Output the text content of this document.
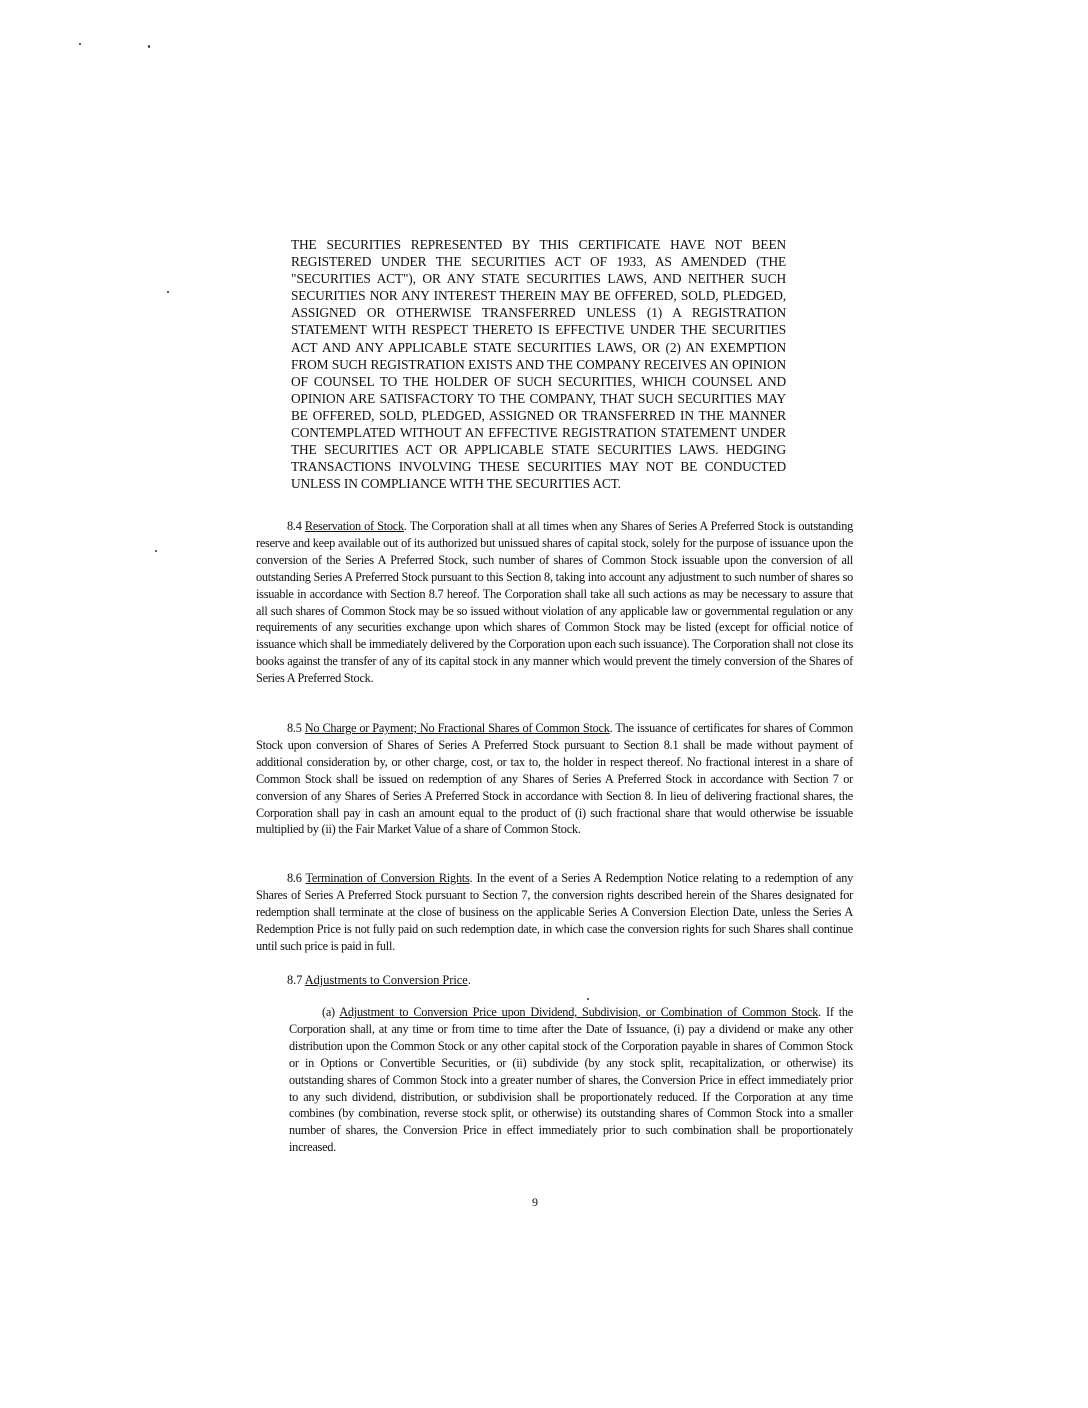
THE SECURITIES REPRESENTED BY THIS CERTIFICATE HAVE NOT BEEN REGISTERED UNDER THE SECURITIES ACT OF 1933, AS AMENDED (THE "SECURITIES ACT"), OR ANY STATE SECURITIES LAWS, AND NEITHER SUCH SECURITIES NOR ANY INTEREST THEREIN MAY BE OFFERED, SOLD, PLEDGED, ASSIGNED OR OTHERWISE TRANSFERRED UNLESS (1) A REGISTRATION STATEMENT WITH RESPECT THERETO IS EFFECTIVE UNDER THE SECURITIES ACT AND ANY APPLICABLE STATE SECURITIES LAWS, OR (2) AN EXEMPTION FROM SUCH REGISTRATION EXISTS AND THE COMPANY RECEIVES AN OPINION OF COUNSEL TO THE HOLDER OF SUCH SECURITIES, WHICH COUNSEL AND OPINION ARE SATISFACTORY TO THE COMPANY, THAT SUCH SECURITIES MAY BE OFFERED, SOLD, PLEDGED, ASSIGNED OR TRANSFERRED IN THE MANNER CONTEMPLATED WITHOUT AN EFFECTIVE REGISTRATION STATEMENT UNDER THE SECURITIES ACT OR APPLICABLE STATE SECURITIES LAWS. HEDGING TRANSACTIONS INVOLVING THESE SECURITIES MAY NOT BE CONDUCTED UNLESS IN COMPLIANCE WITH THE SECURITIES ACT.

8.4 Reservation of Stock. The Corporation shall at all times when any Shares of Series A Preferred Stock is outstanding reserve and keep available out of its authorized but unissued shares of capital stock, solely for the purpose of issuance upon the conversion of the Series A Preferred Stock, such number of shares of Common Stock issuable upon the conversion of all outstanding Series A Preferred Stock pursuant to this Section 8, taking into account any adjustment to such number of shares so issuable in accordance with Section 8.7 hereof. The Corporation shall take all such actions as may be necessary to assure that all such shares of Common Stock may be so issued without violation of any applicable law or governmental regulation or any requirements of any securities exchange upon which shares of Common Stock may be listed (except for official notice of issuance which shall be immediately delivered by the Corporation upon each such issuance). The Corporation shall not close its books against the transfer of any of its capital stock in any manner which would prevent the timely conversion of the Shares of Series A Preferred Stock.

8.5 No Charge or Payment; No Fractional Shares of Common Stock. The issuance of certificates for shares of Common Stock upon conversion of Shares of Series A Preferred Stock pursuant to Section 8.1 shall be made without payment of additional consideration by, or other charge, cost, or tax to, the holder in respect thereof. No fractional interest in a share of Common Stock shall be issued on redemption of any Shares of Series A Preferred Stock in accordance with Section 7 or conversion of any Shares of Series A Preferred Stock in accordance with Section 8. In lieu of delivering fractional shares, the Corporation shall pay in cash an amount equal to the product of (i) such fractional share that would otherwise be issuable multiplied by (ii) the Fair Market Value of a share of Common Stock.

8.6 Termination of Conversion Rights. In the event of a Series A Redemption Notice relating to a redemption of any Shares of Series A Preferred Stock pursuant to Section 7, the conversion rights described herein of the Shares designated for redemption shall terminate at the close of business on the applicable Series A Conversion Election Date, unless the Series A Redemption Price is not fully paid on such redemption date, in which case the conversion rights for such Shares shall continue until such price is paid in full.

8.7 Adjustments to Conversion Price.

(a) Adjustment to Conversion Price upon Dividend, Subdivision, or Combination of Common Stock. If the Corporation shall, at any time or from time to time after the Date of Issuance, (i) pay a dividend or make any other distribution upon the Common Stock or any other capital stock of the Corporation payable in shares of Common Stock or in Options or Convertible Securities, or (ii) subdivide (by any stock split, recapitalization, or otherwise) its outstanding shares of Common Stock into a greater number of shares, the Conversion Price in effect immediately prior to any such dividend, distribution, or subdivision shall be proportionately reduced. If the Corporation at any time combines (by combination, reverse stock split, or otherwise) its outstanding shares of Common Stock into a smaller number of shares, the Conversion Price in effect immediately prior to such combination shall be proportionately increased.

9
